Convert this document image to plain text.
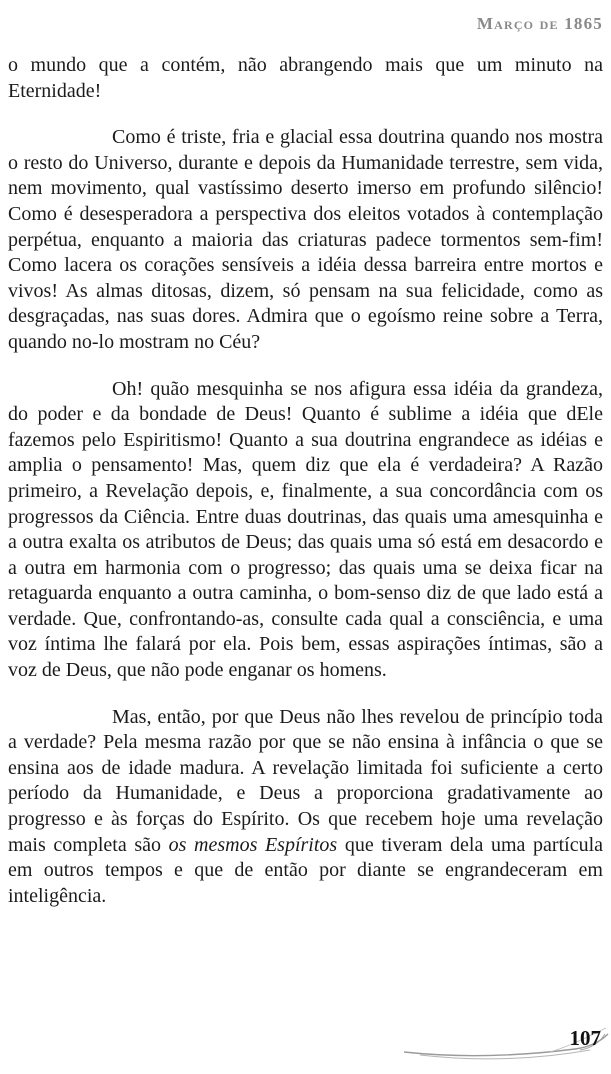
Março de 1865

o mundo que a contém, não abrangendo mais que um minuto na Eternidade!

Como é triste, fria e glacial essa doutrina quando nos mostra o resto do Universo, durante e depois da Humanidade terrestre, sem vida, nem movimento, qual vastíssimo deserto imerso em profundo silêncio! Como é desesperadora a perspectiva dos eleitos votados à contemplação perpétua, enquanto a maioria das criaturas padece tormentos sem-fim! Como lacera os corações sensíveis a idéia dessa barreira entre mortos e vivos! As almas ditosas, dizem, só pensam na sua felicidade, como as desgraçadas, nas suas dores. Admira que o egoísmo reine sobre a Terra, quando no-lo mostram no Céu?

Oh! quão mesquinha se nos afigura essa idéia da grandeza, do poder e da bondade de Deus! Quanto é sublime a idéia que dEle fazemos pelo Espiritismo! Quanto a sua doutrina engrandece as idéias e amplia o pensamento! Mas, quem diz que ela é verdadeira? A Razão primeiro, a Revelação depois, e, finalmente, a sua concordância com os progressos da Ciência. Entre duas doutrinas, das quais uma amesquinha e a outra exalta os atributos de Deus; das quais uma só está em desacordo e a outra em harmonia com o progresso; das quais uma se deixa ficar na retaguarda enquanto a outra caminha, o bom-senso diz de que lado está a verdade. Que, confrontando-as, consulte cada qual a consciência, e uma voz íntima lhe falará por ela. Pois bem, essas aspirações íntimas, são a voz de Deus, que não pode enganar os homens.

Mas, então, por que Deus não lhes revelou de princípio toda a verdade? Pela mesma razão por que se não ensina à infância o que se ensina aos de idade madura. A revelação limitada foi suficiente a certo período da Humanidade, e Deus a proporciona gradativamente ao progresso e às forças do Espírito. Os que recebem hoje uma revelação mais completa são os mesmos Espíritos que tiveram dela uma partícula em outros tempos e que de então por diante se engrandeceram em inteligência.

107
